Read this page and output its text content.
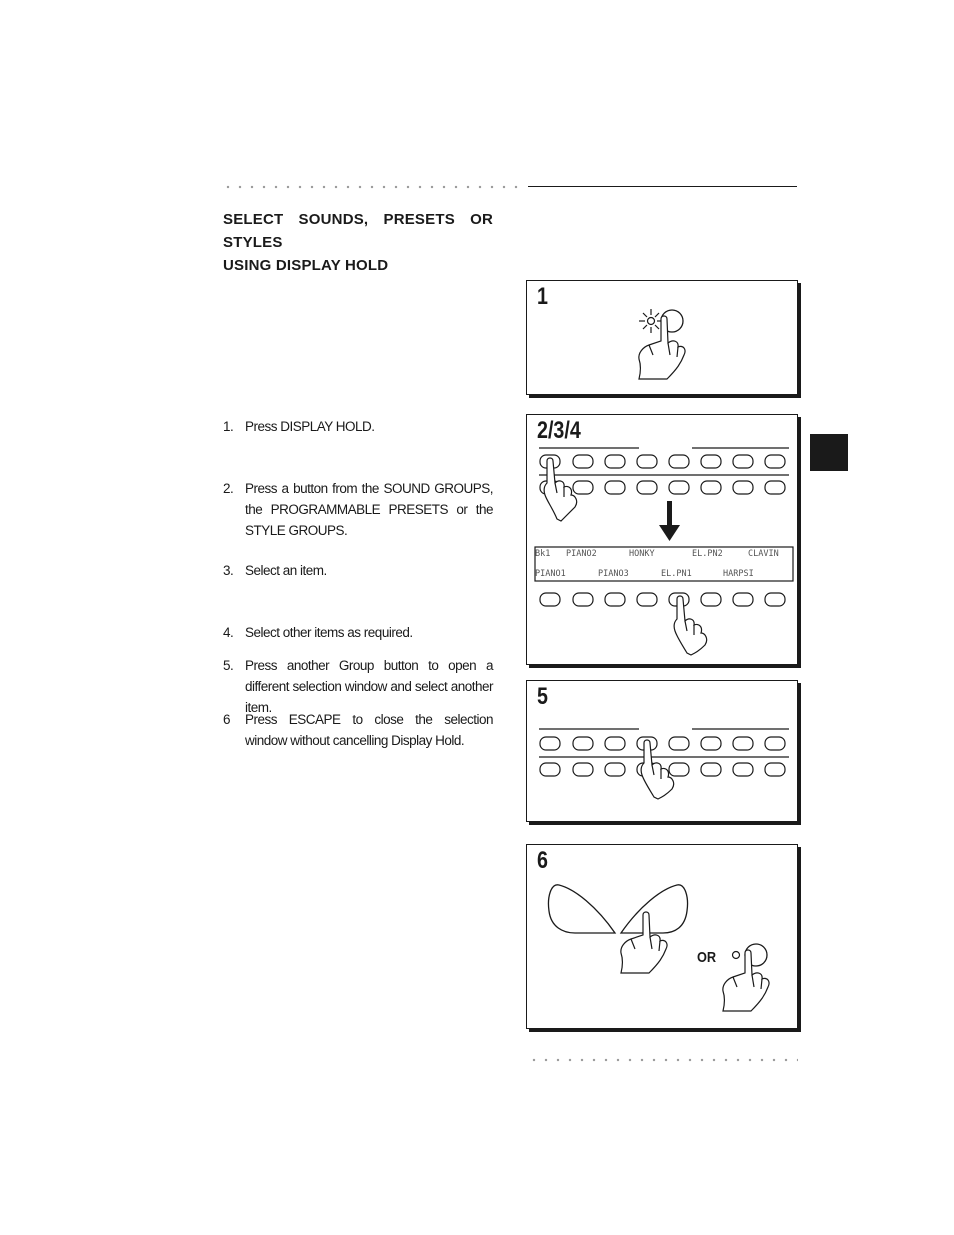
SELECT SOUNDS, PRESETS OR STYLES
USING DISPLAY HOLD
1. Press DISPLAY HOLD.
2. Press a button from the SOUND GROUPS, the PROGRAMMABLE PRESETS or the STYLE GROUPS.
3. Select an item.
4. Select other items as required.
5. Press another Group button to open a different selection window and select another item.
6 Press ESCAPE to close the selection window without cancelling Display Hold.
1
2/3/4
Bk1 PIANO2	HONKY	EL.PN2	CLAVIN
PIANO1	PIANO3	EL.PN1	HARPSI
5
6
OR
